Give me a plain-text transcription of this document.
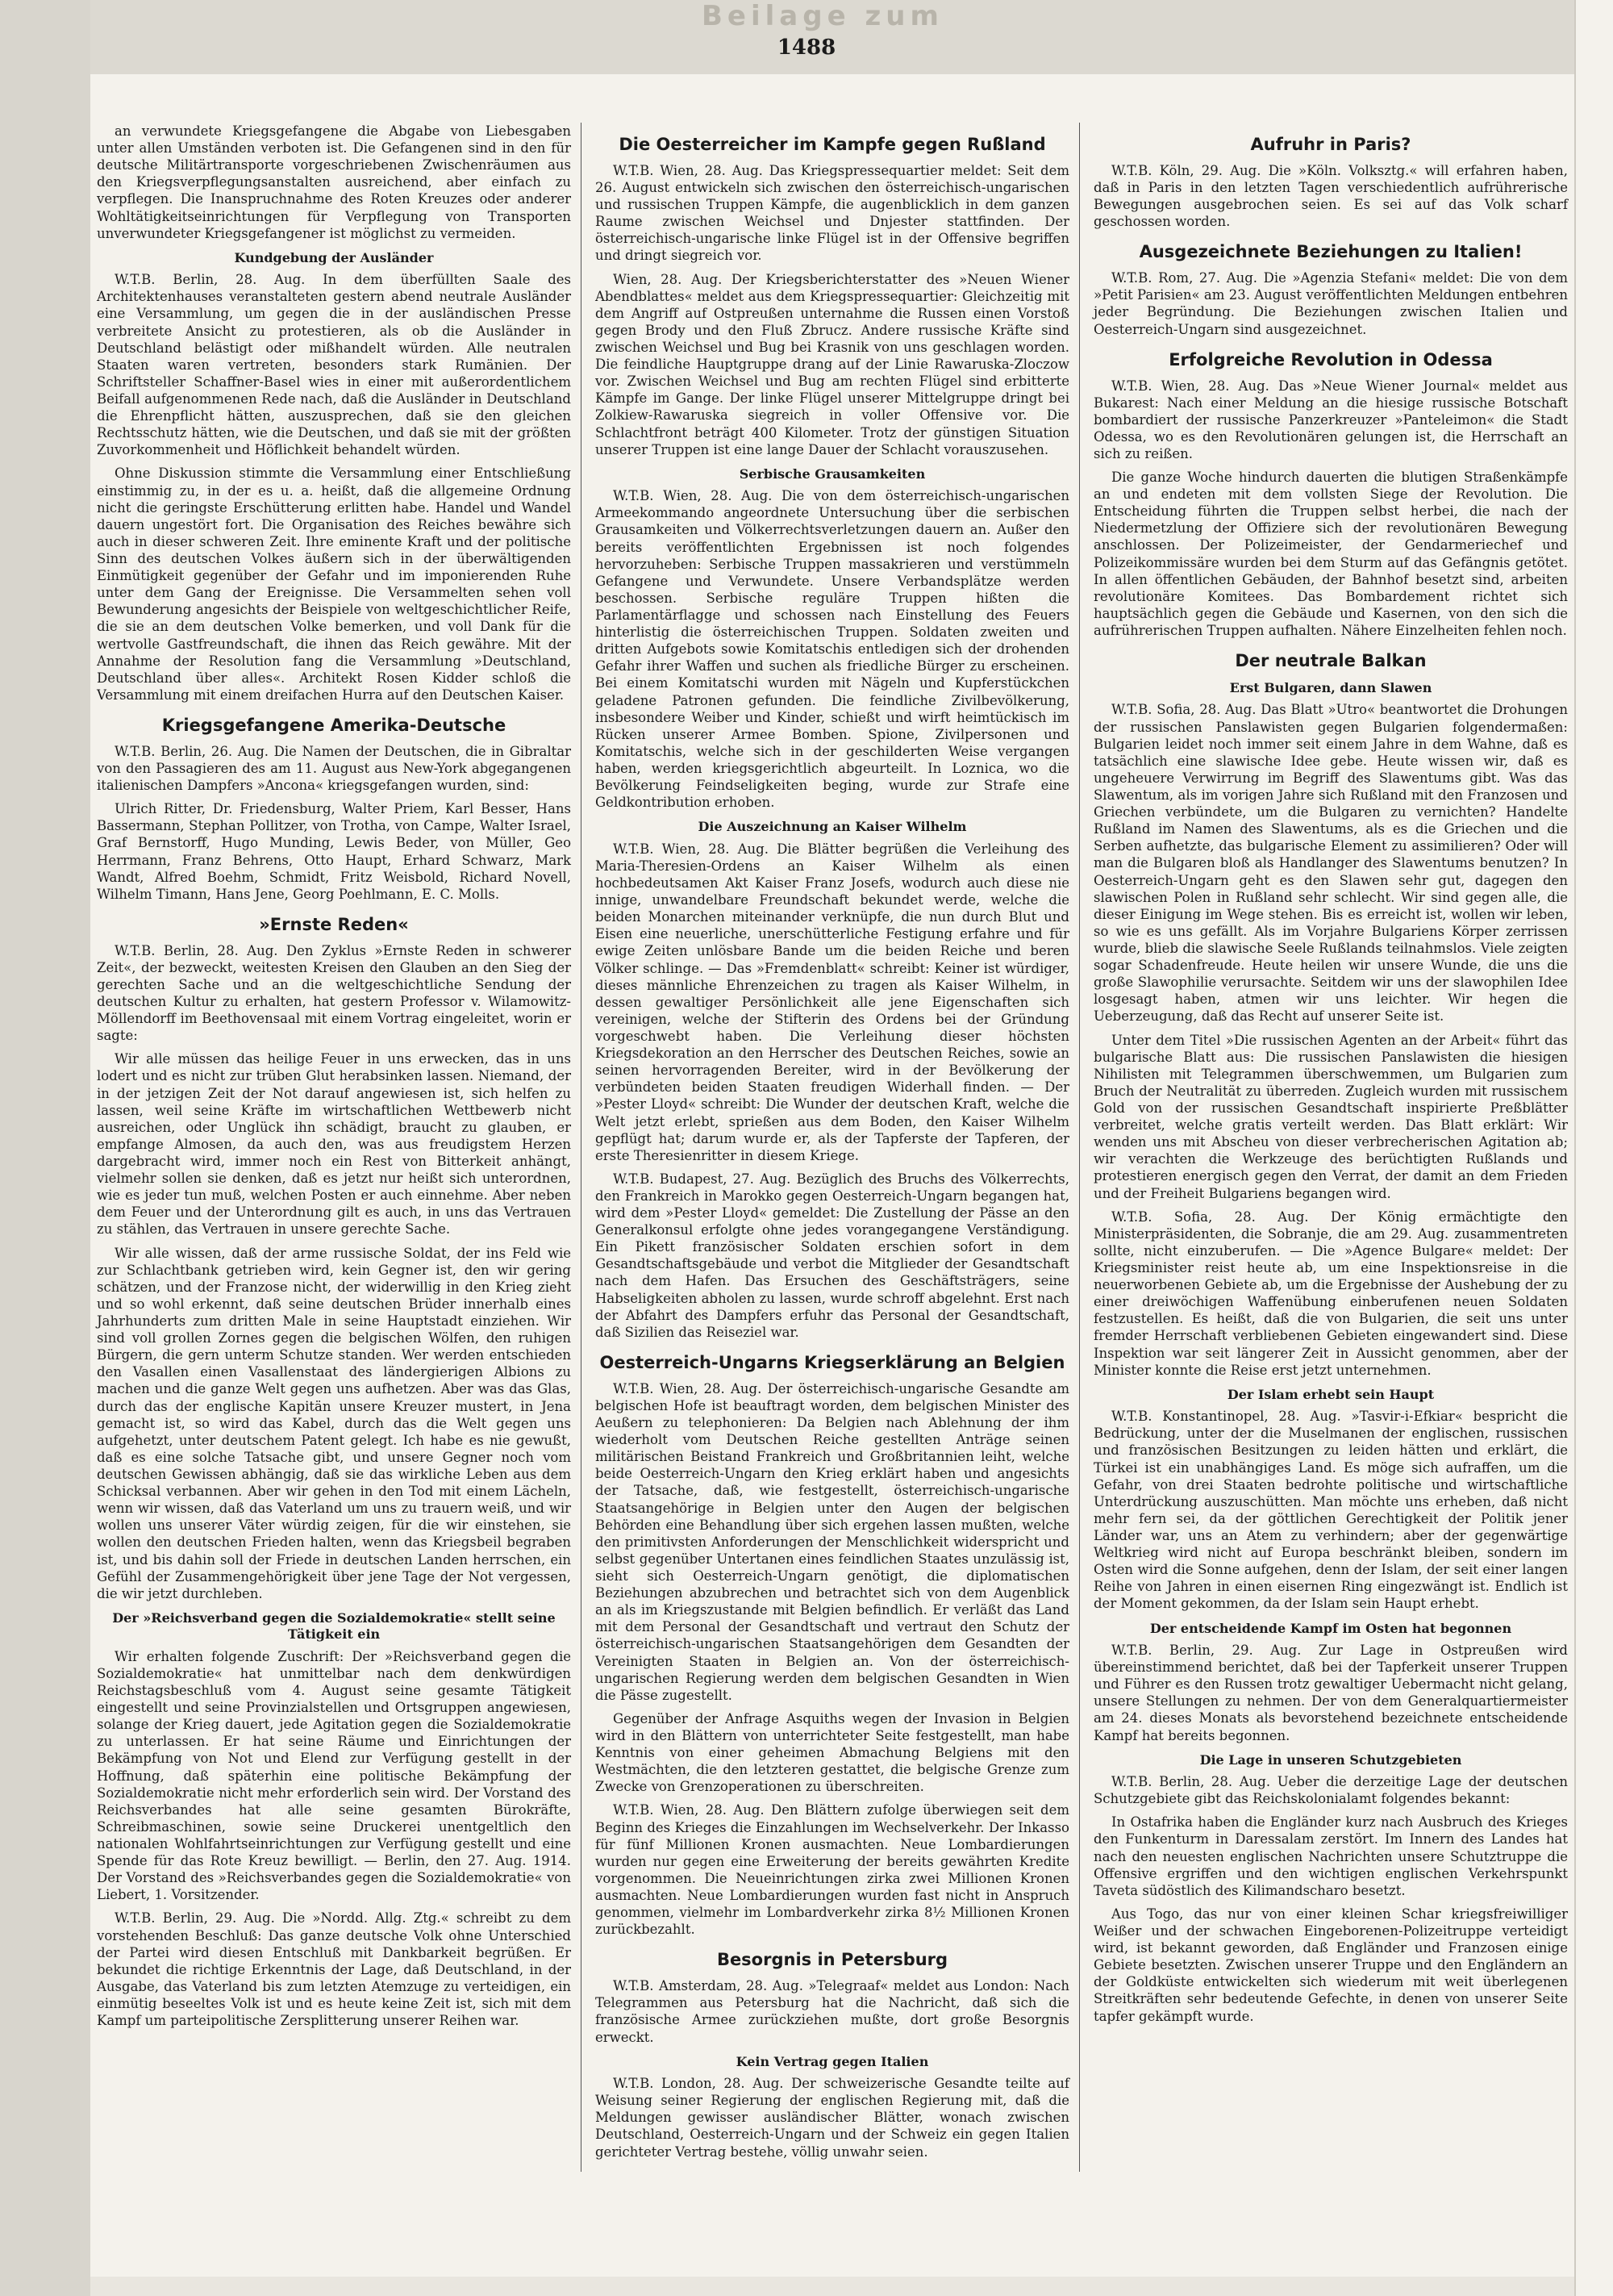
Beilage zum
1488

an verwundete Kriegsgefangene die Abgabe von Liebesgaben unter allen Umständen verboten ist. Die Gefangenen sind in den für deutsche Militärtransporte vorgeschriebenen Zwischenräumen aus den Kriegsverpflegungsanstalten ausreichend, aber einfach zu verpflegen. Die Inanspruchnahme des Roten Kreuzes oder anderer Wohltätigkeitseinrichtungen für Verpflegung von Transporten unverwundeter Kriegsgefangener ist möglichst zu vermeiden.

Kundgebung der Ausländer

W.T.B. Berlin, 28. Aug. In dem überfüllten Saale des Architektenhauses veranstalteten gestern abend neutrale Ausländer eine Versammlung, um gegen die in der ausländischen Presse verbreitete Ansicht zu protestieren, als ob die Ausländer in Deutschland belästigt oder mißhandelt würden. Alle neutralen Staaten waren vertreten, besonders stark Rumänien. Der Schriftsteller Schaffner-Basel wies in einer mit außerordentlichem Beifall aufgenommenen Rede nach, daß die Ausländer in Deutschland die Ehrenpflicht hätten, auszusprechen, daß sie den gleichen Rechtsschutz hätten, wie die Deutschen, und daß sie mit der größten Zuvorkommenheit und Höflichkeit behandelt würden.

Ohne Diskussion stimmte die Versammlung einer Entschließung einstimmig zu, in der es u. a. heißt, daß die allgemeine Ordnung nicht die geringste Erschütterung erlitten habe. Handel und Wandel dauern ungestört fort. Die Organisation des Reiches bewähre sich auch in dieser schweren Zeit. Ihre eminente Kraft und der politische Sinn des deutschen Volkes äußern sich in der überwältigenden Einmütigkeit gegenüber der Gefahr und im imponierenden Ruhe unter dem Gang der Ereignisse. Die Versammelten sehen voll Bewunderung angesichts der Beispiele von weltgeschichtlicher Reife, die sie an dem deutschen Volke bemerken, und voll Dank für die wertvolle Gastfreundschaft, die ihnen das Reich gewähre. Mit der Annahme der Resolution fang die Versammlung »Deutschland, Deutschland über alles«. Architekt Rosen Kidder schloß die Versammlung mit einem dreifachen Hurra auf den Deutschen Kaiser.

Kriegsgefangene Amerika-Deutsche

W.T.B. Berlin, 26. Aug. Die Namen der Deutschen, die in Gibraltar von den Passagieren des am 11. August aus New-York abgegangenen italienischen Dampfers »Ancona« kriegsgefangen wurden, sind:

Ulrich Ritter, Dr. Friedensburg, Walter Priem, Karl Besser, Hans Bassermann, Stephan Pollitzer, von Trotha, von Campe, Walter Israel, Graf Bernstorff, Hugo Munding, Lewis Beder, von Müller, Geo Herrmann, Franz Behrens, Otto Haupt, Erhard Schwarz, Mark Wandt, Alfred Boehm, Schmidt, Fritz Weisbold, Richard Novell, Wilhelm Timann, Hans Jene, Georg Poehlmann, E. C. Molls.

»Ernste Reden«

W.T.B. Berlin, 28. Aug. Den Zyklus »Ernste Reden in schwerer Zeit«, der bezweckt, weitesten Kreisen den Glauben an den Sieg der gerechten Sache und an die weltgeschichtliche Sendung der deutschen Kultur zu erhalten, hat gestern Professor v. Wilamowitz-Möllendorff im Beethovensaal mit einem Vortrag eingeleitet, worin er sagte:

Wir alle müssen das heilige Feuer in uns erwecken, das in uns lodert und es nicht zur trüben Glut herabsinken lassen. Niemand, der in der jetzigen Zeit der Not darauf angewiesen ist, sich helfen zu lassen, weil seine Kräfte im wirtschaftlichen Wettbewerb nicht ausreichen, oder Unglück ihn schädigt, braucht zu glauben, er empfange Almosen, da auch den, was aus freudigstem Herzen dargebracht wird, immer noch ein Rest von Bitterkeit anhängt, vielmehr sollen sie denken, daß es jetzt nur heißt sich unterordnen, wie es jeder tun muß, welchen Posten er auch einnehme. Aber neben dem Feuer und der Unterordnung gilt es auch, in uns das Vertrauen zu stählen, das Vertrauen in unsere gerechte Sache.

Wir alle wissen, daß der arme russische Soldat, der ins Feld wie zur Schlachtbank getrieben wird, kein Gegner ist, den wir gering schätzen, und der Franzose nicht, der widerwillig in den Krieg zieht und so wohl erkennt, daß seine deutschen Brüder innerhalb eines Jahrhunderts zum dritten Male in seine Hauptstadt einziehen. Wir sind voll grollen Zornes gegen die belgischen Wölfen, den ruhigen Bürgern, die gern unterm Schutze standen. Wer werden entschieden den Vasallen einen Vasallenstaat des ländergierigen Albions zu machen und die ganze Welt gegen uns aufhetzen. Aber was das Glas, durch das der englische Kapitän unsere Kreuzer mustert, in Jena gemacht ist, so wird das Kabel, durch das die Welt gegen uns aufgehetzt, unter deutschem Patent gelegt. Ich habe es nie gewußt, daß es eine solche Tatsache gibt, und unsere Gegner noch vom deutschen Gewissen abhängig, daß sie das wirkliche Leben aus dem Schicksal verbannen. Aber wir gehen in den Tod mit einem Lächeln, wenn wir wissen, daß das Vaterland um uns zu trauern weiß, und wir wollen uns unserer Väter würdig zeigen, für die wir einstehen, sie wollen den deutschen Frieden halten, wenn das Kriegsbeil begraben ist, und bis dahin soll der Friede in deutschen Landen herrschen, ein Gefühl der Zusammengehörigkeit über jene Tage der Not vergessen, die wir jetzt durchleben.

Der »Reichsverband gegen die Sozialdemokratie« stellt seine Tätigkeit ein

Wir erhalten folgende Zuschrift: Der »Reichsverband gegen die Sozialdemokratie« hat unmittelbar nach dem denkwürdigen Reichstagsbeschluß vom 4. August seine gesamte Tätigkeit eingestellt und seine Provinzialstellen und Ortsgruppen angewiesen, solange der Krieg dauert, jede Agitation gegen die Sozialdemokratie zu unterlassen. Er hat seine Räume und Einrichtungen der Bekämpfung von Not und Elend zur Verfügung gestellt in der Hoffnung, daß späterhin eine politische Bekämpfung der Sozialdemokratie nicht mehr erforderlich sein wird. Der Vorstand des Reichsverbandes hat alle seine gesamten Bürokräfte, Schreibmaschinen, sowie seine Druckerei unentgeltlich den nationalen Wohlfahrtseinrichtungen zur Verfügung gestellt und eine Spende für das Rote Kreuz bewilligt. — Berlin, den 27. Aug. 1914. Der Vorstand des »Reichsverbandes gegen die Sozialdemokratie« von Liebert, 1. Vorsitzender.

W.T.B. Berlin, 29. Aug. Die »Nordd. Allg. Ztg.« schreibt zu dem vorstehenden Beschluß: Das ganze deutsche Volk ohne Unterschied der Partei wird diesen Entschluß mit Dankbarkeit begrüßen. Er bekundet die richtige Erkenntnis der Lage, daß Deutschland, in der Ausgabe, das Vaterland bis zum letzten Atemzuge zu verteidigen, ein einmütig beseeltes Volk ist und es heute keine Zeit ist, sich mit dem Kampf um parteipolitische Zersplitterung unserer Reihen war.

Die Oesterreicher im Kampfe gegen Rußland

W.T.B. Wien, 28. Aug. Das Kriegspressequartier meldet: Seit dem 26. August entwickeln sich zwischen den österreichisch-ungarischen und russischen Truppen Kämpfe, die augenblicklich in dem ganzen Raume zwischen Weichsel und Dnjester stattfinden. Der österreichisch-ungarische linke Flügel ist in der Offensive begriffen und dringt siegreich vor.

Wien, 28. Aug. Der Kriegsberichterstatter des »Neuen Wiener Abendblattes« meldet aus dem Kriegspressequartier: Gleichzeitig mit dem Angriff auf Ostpreußen unternahme die Russen einen Vorstoß gegen Brody und den Fluß Zbrucz. Andere russische Kräfte sind zwischen Weichsel und Bug bei Krasnik von uns geschlagen worden. Die feindliche Hauptgruppe drang auf der Linie Rawaruska-Zloczow vor. Zwischen Weichsel und Bug am rechten Flügel sind erbitterte Kämpfe im Gange. Der linke Flügel unserer Mittelgruppe dringt bei Zolkiew-Rawaruska siegreich in voller Offensive vor. Die Schlachtfront beträgt 400 Kilometer. Trotz der günstigen Situation unserer Truppen ist eine lange Dauer der Schlacht vorauszusehen.

Serbische Grausamkeiten

W.T.B. Wien, 28. Aug. Die von dem österreichisch-ungarischen Armeekommando angeordnete Untersuchung über die serbischen Grausamkeiten und Völkerrechtsverletzungen dauern an. Außer den bereits veröffentlichten Ergebnissen ist noch folgendes hervorzuheben: Serbische Truppen massakrieren und verstümmeln Gefangene und Verwundete. Unsere Verbandsplätze werden beschossen. Serbische reguläre Truppen hißten die Parlamentärflagge und schossen nach Einstellung des Feuers hinterlistig die österreichischen Truppen. Soldaten zweiten und dritten Aufgebots sowie Komitatschis entledigen sich der drohenden Gefahr ihrer Waffen und suchen als friedliche Bürger zu erscheinen. Bei einem Komitatschi wurden mit Nägeln und Kupferstückchen geladene Patronen gefunden. Die feindliche Zivilbevölkerung, insbesondere Weiber und Kinder, schießt und wirft heimtückisch im Rücken unserer Armee Bomben. Spione, Zivilpersonen und Komitatschis, welche sich in der geschilderten Weise vergangen haben, werden kriegsgerichtlich abgeurteilt. In Loznica, wo die Bevölkerung Feindseligkeiten beging, wurde zur Strafe eine Geldkontribution erhoben.

Die Auszeichnung an Kaiser Wilhelm

W.T.B. Wien, 28. Aug. Die Blätter begrüßen die Verleihung des Maria-Theresien-Ordens an Kaiser Wilhelm als einen hochbedeutsamen Akt Kaiser Franz Josefs, wodurch auch diese nie innige, unwandelbare Freundschaft bekundet werde, welche die beiden Monarchen miteinander verknüpfe, die nun durch Blut und Eisen eine neuerliche, unerschütterliche Festigung erfahre und für ewige Zeiten unlösbare Bande um die beiden Reiche und beren Völker schlinge. — Das »Fremdenblatt« schreibt: Keiner ist würdiger, dieses männliche Ehrenzeichen zu tragen als Kaiser Wilhelm, in dessen gewaltiger Persönlichkeit alle jene Eigenschaften sich vereinigen, welche der Stifterin des Ordens bei der Gründung vorgeschwebt haben. Die Verleihung dieser höchsten Kriegsdekoration an den Herrscher des Deutschen Reiches, sowie an seinen hervorragenden Bereiter, wird in der Bevölkerung der verbündeten beiden Staaten freudigen Widerhall finden. — Der »Pester Lloyd« schreibt: Die Wunder der deutschen Kraft, welche die Welt jetzt erlebt, sprießen aus dem Boden, den Kaiser Wilhelm gepflügt hat; darum wurde er, als der Tapferste der Tapferen, der erste Theresienritter in diesem Kriege.

W.T.B. Budapest, 27. Aug. Bezüglich des Bruchs des Völkerrechts, den Frankreich in Marokko gegen Oesterreich-Ungarn begangen hat, wird dem »Pester Lloyd« gemeldet: Die Zustellung der Pässe an den Generalkonsul erfolgte ohne jedes vorangegangene Verständigung. Ein Pikett französischer Soldaten erschien sofort in dem Gesandtschaftsgebäude und verbot die Mitglieder der Gesandtschaft nach dem Hafen. Das Ersuchen des Geschäftsträgers, seine Habseligkeiten abholen zu lassen, wurde schroff abgelehnt. Erst nach der Abfahrt des Dampfers erfuhr das Personal der Gesandtschaft, daß Sizilien das Reiseziel war.

Oesterreich-Ungarns Kriegserklärung an Belgien

W.T.B. Wien, 28. Aug. Der österreichisch-ungarische Gesandte am belgischen Hofe ist beauftragt worden, dem belgischen Minister des Aeußern zu telephonieren: Da Belgien nach Ablehnung der ihm wiederholt vom Deutschen Reiche gestellten Anträge seinen militärischen Beistand Frankreich und Großbritannien leiht, welche beide Oesterreich-Ungarn den Krieg erklärt haben und angesichts der Tatsache, daß, wie festgestellt, österreichisch-ungarische Staatsangehörige in Belgien unter den Augen der belgischen Behörden eine Behandlung über sich ergehen lassen mußten, welche den primitivsten Anforderungen der Menschlichkeit widerspricht und selbst gegenüber Untertanen eines feindlichen Staates unzulässig ist, sieht sich Oesterreich-Ungarn genötigt, die diplomatischen Beziehungen abzubrechen und betrachtet sich von dem Augenblick an als im Kriegszustande mit Belgien befindlich. Er verläßt das Land mit dem Personal der Gesandtschaft und vertraut den Schutz der österreichisch-ungarischen Staatsangehörigen dem Gesandten der Vereinigten Staaten in Belgien an. Von der österreichisch-ungarischen Regierung werden dem belgischen Gesandten in Wien die Pässe zugestellt.

Gegenüber der Anfrage Asquiths wegen der Invasion in Belgien wird in den Blättern von unterrichteter Seite festgestellt, man habe Kenntnis von einer geheimen Abmachung Belgiens mit den Westmächten, die den letzteren gestattet, die belgische Grenze zum Zwecke von Grenzoperationen zu überschreiten.

W.T.B. Wien, 28. Aug. Den Blättern zufolge überwiegen seit dem Beginn des Krieges die Einzahlungen im Wechselverkehr. Der Inkasso für fünf Millionen Kronen ausmachten. Neue Lombardierungen wurden nur gegen eine Erweiterung der bereits gewährten Kredite vorgenommen. Die Neueinrichtungen zirka zwei Millionen Kronen ausmachten. Neue Lombardierungen wurden fast nicht in Anspruch genommen, vielmehr im Lombardverkehr zirka 8½ Millionen Kronen zurückbezahlt.

Besorgnis in Petersburg

W.T.B. Amsterdam, 28. Aug. »Telegraaf« meldet aus London: Nach Telegrammen aus Petersburg hat die Nachricht, daß sich die französische Armee zurückziehen mußte, dort große Besorgnis erweckt.

Kein Vertrag gegen Italien

W.T.B. London, 28. Aug. Der schweizerische Gesandte teilte auf Weisung seiner Regierung der englischen Regierung mit, daß die Meldungen gewisser ausländischer Blätter, wonach zwischen Deutschland, Oesterreich-Ungarn und der Schweiz ein gegen Italien gerichteter Vertrag bestehe, völlig unwahr seien.

Aufruhr in Paris?

W.T.B. Köln, 29. Aug. Die »Köln. Volksztg.« will erfahren haben, daß in Paris in den letzten Tagen verschiedentlich aufrührerische Bewegungen ausgebrochen seien. Es sei auf das Volk scharf geschossen worden.

Ausgezeichnete Beziehungen zu Italien!

W.T.B. Rom, 27. Aug. Die »Agenzia Stefani« meldet: Die von dem »Petit Parisien« am 23. August veröffentlichten Meldungen entbehren jeder Begründung. Die Beziehungen zwischen Italien und Oesterreich-Ungarn sind ausgezeichnet.

Erfolgreiche Revolution in Odessa

W.T.B. Wien, 28. Aug. Das »Neue Wiener Journal« meldet aus Bukarest: Nach einer Meldung an die hiesige russische Botschaft bombardiert der russische Panzerkreuzer »Panteleimon« die Stadt Odessa, wo es den Revolutionären gelungen ist, die Herrschaft an sich zu reißen.

Die ganze Woche hindurch dauerten die blutigen Straßenkämpfe an und endeten mit dem vollsten Siege der Revolution. Die Entscheidung führten die Truppen selbst herbei, die nach der Niedermetzlung der Offiziere sich der revolutionären Bewegung anschlossen. Der Polizeimeister, der Gendarmeriechef und Polizeikommissäre wurden bei dem Sturm auf das Gefängnis getötet. In allen öffentlichen Gebäuden, der Bahnhof besetzt sind, arbeiten revolutionäre Komitees. Das Bombardement richtet sich hauptsächlich gegen die Gebäude und Kasernen, von den sich die aufrührerischen Truppen aufhalten. Nähere Einzelheiten fehlen noch.

Der neutrale Balkan
Erst Bulgaren, dann Slawen

W.T.B. Sofia, 28. Aug. Das Blatt »Utro« beantwortet die Drohungen der russischen Panslawisten gegen Bulgarien folgendermaßen: Bulgarien leidet noch immer seit einem Jahre in dem Wahne, daß es tatsächlich eine slawische Idee gebe. Heute wissen wir, daß es ungeheuere Verwirrung im Begriff des Slawentums gibt. Was das Slawentum, als im vorigen Jahre sich Rußland mit den Franzosen und Griechen verbündete, um die Bulgaren zu vernichten? Handelte Rußland im Namen des Slawentums, als es die Griechen und die Serben aufhetzte, das bulgarische Element zu assimilieren? Oder will man die Bulgaren bloß als Handlanger des Slawentums benutzen? In Oesterreich-Ungarn geht es den Slawen sehr gut, dagegen den slawischen Polen in Rußland sehr schlecht. Wir sind gegen alle, die dieser Einigung im Wege stehen. Bis es erreicht ist, wollen wir leben, so wie es uns gefällt. Als im Vorjahre Bulgariens Körper zerrissen wurde, blieb die slawische Seele Rußlands teilnahmslos. Viele zeigten sogar Schadenfreude. Heute heilen wir unsere Wunde, die uns die große Slawophilie verursachte. Seitdem wir uns der slawophilen Idee losgesagt haben, atmen wir uns leichter. Wir hegen die Ueberzeugung, daß das Recht auf unserer Seite ist.

Unter dem Titel »Die russischen Agenten an der Arbeit« führt das bulgarische Blatt aus: Die russischen Panslawisten die hiesigen Nihilisten mit Telegrammen überschwemmen, um Bulgarien zum Bruch der Neutralität zu überreden. Zugleich wurden mit russischem Gold von der russischen Gesandtschaft inspirierte Preßblätter verbreitet, welche gratis verteilt werden. Das Blatt erklärt: Wir wenden uns mit Abscheu von dieser verbrecherischen Agitation ab; wir verachten die Werkzeuge des berüchtigten Rußlands und protestieren energisch gegen den Verrat, der damit an dem Frieden und der Freiheit Bulgariens begangen wird.

W.T.B. Sofia, 28. Aug. Der König ermächtigte den Ministerpräsidenten, die Sobranje, die am 29. Aug. zusammentreten sollte, nicht einzuberufen. — Die »Agence Bulgare« meldet: Der Kriegsminister reist heute ab, um eine Inspektionsreise in die neuerworbenen Gebiete ab, um die Ergebnisse der Aushebung der zu einer dreiwöchigen Waffenübung einberufenen neuen Soldaten festzustellen. Es heißt, daß die von Bulgarien, die seit uns unter fremder Herrschaft verbliebenen Gebieten eingewandert sind. Diese Inspektion war seit längerer Zeit in Aussicht genommen, aber der Minister konnte die Reise erst jetzt unternehmen.

Der Islam erhebt sein Haupt

W.T.B. Konstantinopel, 28. Aug. »Tasvir-i-Efkiar« bespricht die Bedrückung, unter der die Muselmanen der englischen, russischen und französischen Besitzungen zu leiden hätten und erklärt, die Türkei ist ein unabhängiges Land. Es möge sich aufraffen, um die Gefahr, von drei Staaten bedrohte politische und wirtschaftliche Unterdrückung auszuschütten. Man möchte uns erheben, daß nicht mehr fern sei, da der göttlichen Gerechtigkeit der Politik jener Länder war, uns an Atem zu verhindern; aber der gegenwärtige Weltkrieg wird nicht auf Europa beschränkt bleiben, sondern im Osten wird die Sonne aufgehen, denn der Islam, der seit einer langen Reihe von Jahren in einen eisernen Ring eingezwängt ist. Endlich ist der Moment gekommen, da der Islam sein Haupt erhebt.

Der entscheidende Kampf im Osten hat begonnen

W.T.B. Berlin, 29. Aug. Zur Lage in Ostpreußen wird übereinstimmend berichtet, daß bei der Tapferkeit unserer Truppen und Führer es den Russen trotz gewaltiger Uebermacht nicht gelang, unsere Stellungen zu nehmen. Der von dem Generalquartiermeister am 24. dieses Monats als bevorstehend bezeichnete entscheidende Kampf hat bereits begonnen.

Die Lage in unseren Schutzgebieten

W.T.B. Berlin, 28. Aug. Ueber die derzeitige Lage der deutschen Schutzgebiete gibt das Reichskolonialamt folgendes bekannt:

In Ostafrika haben die Engländer kurz nach Ausbruch des Krieges den Funkenturm in Daressalam zerstört. Im Innern des Landes hat nach den neuesten englischen Nachrichten unsere Schutztruppe die Offensive ergriffen und den wichtigen englischen Verkehrspunkt Taveta südöstlich des Kilimandscharo besetzt.

Aus Togo, das nur von einer kleinen Schar kriegsfreiwilliger Weißer und der schwachen Eingeborenen-Polizeitruppe verteidigt wird, ist bekannt geworden, daß Engländer und Franzosen einige Gebiete besetzten. Zwischen unserer Truppe und den Engländern an der Goldküste entwickelten sich wiederum mit weit überlegenen Streitkräften sehr bedeutende Gefechte, in denen von unserer Seite tapfer gekämpft wurde.
